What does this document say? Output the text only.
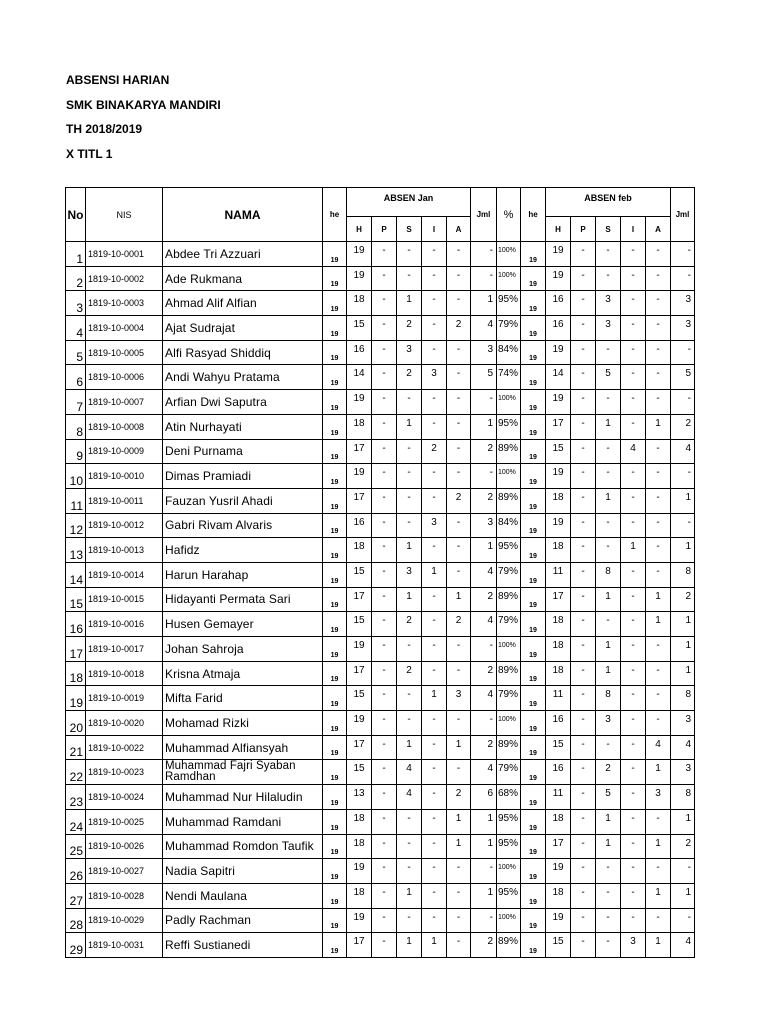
ABSENSI HARIAN
SMK BINAKARYA MANDIRI
TH 2018/2019
X TITL 1
No	NIS	NAMA	he	ABSEN Jan					Jml	%	he	ABSEN feb					Jml
				H	P	S	I	A				H	P	S	I	A	
1	1819-10-0001	Abdee Tri Azzuari	19	19	-	-	-	-	-	100%	19	19	-	-	-	-	-
2	1819-10-0002	Ade Rukmana	19	19	-	-	-	-	-	100%	19	19	-	-	-	-	-
3	1819-10-0003	Ahmad Alif Alfian	19	18	-	1	-	-	1	95%	19	16	-	3	-	-	3
4	1819-10-0004	Ajat Sudrajat	19	15	-	2	-	2	4	79%	19	16	-	3	-	-	3
5	1819-10-0005	Alfi Rasyad Shiddiq	19	16	-	3	-	-	3	84%	19	19	-	-	-	-	-
6	1819-10-0006	Andi Wahyu Pratama	19	14	-	2	3	-	5	74%	19	14	-	5	-	-	5
7	1819-10-0007	Arfian Dwi Saputra	19	19	-	-	-	-	-	100%	19	19	-	-	-	-	-
8	1819-10-0008	Atin Nurhayati	19	18	-	1	-	-	1	95%	19	17	-	1	-	1	2
9	1819-10-0009	Deni Purnama	19	17	-	-	2	-	2	89%	19	15	-	-	4	-	4
10	1819-10-0010	Dimas Pramiadi	19	19	-	-	-	-	-	100%	19	19	-	-	-	-	-
11	1819-10-0011	Fauzan Yusril Ahadi	19	17	-	-	-	2	2	89%	19	18	-	1	-	-	1
12	1819-10-0012	Gabri Rivam Alvaris	19	16	-	-	3	-	3	84%	19	19	-	-	-	-	-
13	1819-10-0013	Hafidz	19	18	-	1	-	-	1	95%	19	18	-	-	1	-	1
14	1819-10-0014	Harun Harahap	19	15	-	3	1	-	4	79%	19	11	-	8	-	-	8
15	1819-10-0015	Hidayanti Permata Sari	19	17	-	1	-	1	2	89%	19	17	-	1	-	1	2
16	1819-10-0016	Husen Gemayer	19	15	-	2	-	2	4	79%	19	18	-	-	-	1	1
17	1819-10-0017	Johan Sahroja	19	19	-	-	-	-	-	100%	19	18	-	1	-	-	1
18	1819-10-0018	Krisna Atmaja	19	17	-	2	-	-	2	89%	19	18	-	1	-	-	1
19	1819-10-0019	Mifta Farid	19	15	-	-	1	3	4	79%	19	11	-	8	-	-	8
20	1819-10-0020	Mohamad Rizki	19	19	-	-	-	-	-	100%	19	16	-	3	-	-	3
21	1819-10-0022	Muhammad Alfiansyah	19	17	-	1	-	1	2	89%	19	15	-	-	-	4	4
22	1819-10-0023	Muhammad Fajri Syaban Ramdhan	19	15	-	4	-	-	4	79%	19	16	-	2	-	1	3
23	1819-10-0024	Muhammad Nur Hilaludin	19	13	-	4	-	2	6	68%	19	11	-	5	-	3	8
24	1819-10-0025	Muhammad Ramdani	19	18	-	-	-	1	1	95%	19	18	-	1	-	-	1
25	1819-10-0026	Muhammad Romdon Taufik	19	18	-	-	-	1	1	95%	19	17	-	1	-	1	2
26	1819-10-0027	Nadia Sapitri	19	19	-	-	-	-	-	100%	19	19	-	-	-	-	-
27	1819-10-0028	Nendi Maulana	19	18	-	1	-	-	1	95%	19	18	-	-	-	1	1
28	1819-10-0029	Padly Rachman	19	19	-	-	-	-	-	100%	19	19	-	-	-	-	-
29	1819-10-0031	Reffi Sustianedi	19	17	-	1	1	-	2	89%	19	15	-	-	3	1	4
